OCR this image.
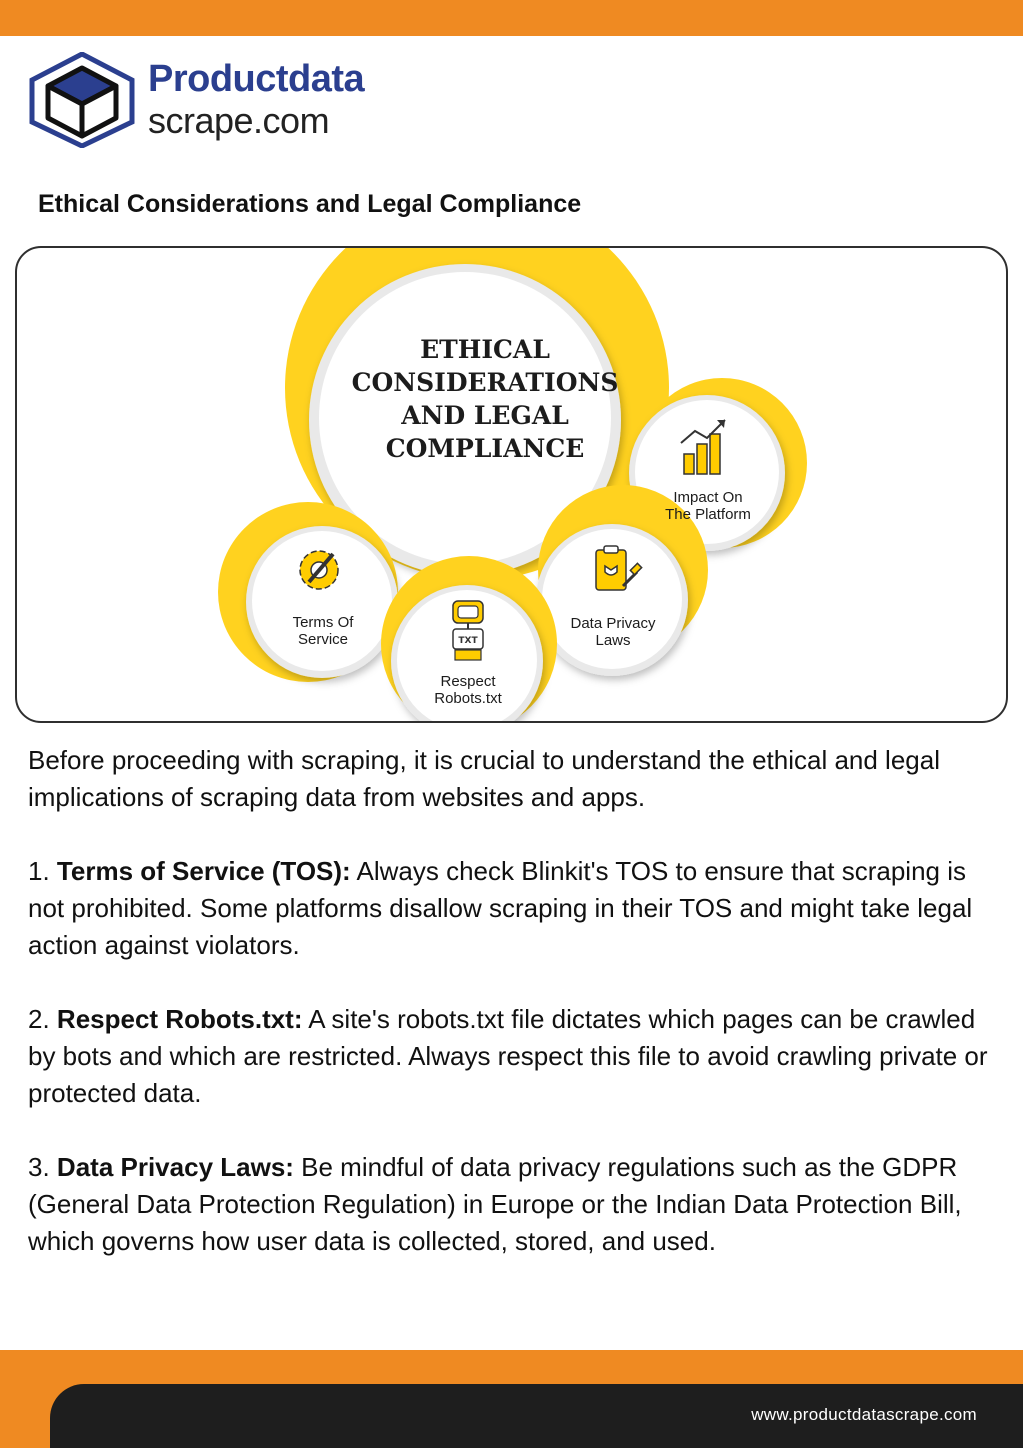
Productdata
scrape.com
Ethical Considerations and Legal Compliance
TXT
ETHICAL
CONSIDERATIONS
AND LEGAL
COMPLIANCE
Impact On
The Platform
Terms Of
Service
Data Privacy
Laws
Respect
Robots.txt

Before proceeding with scraping, it is crucial to understand the ethical and legal implications of scraping data from websites and apps.

1. Terms of Service (TOS): Always check Blinkit's TOS to ensure that scraping is not prohibited. Some platforms disallow scraping in their TOS and might take legal action against violators.

2. Respect Robots.txt: A site's robots.txt file dictates which pages can be crawled by bots and which are restricted. Always respect this file to avoid crawling private or protected data.

3. Data Privacy Laws: Be mindful of data privacy regulations such as the GDPR (General Data Protection Regulation) in Europe or the Indian Data Protection Bill, which governs how user data is collected, stored, and used.

www.productdatascrape.com
